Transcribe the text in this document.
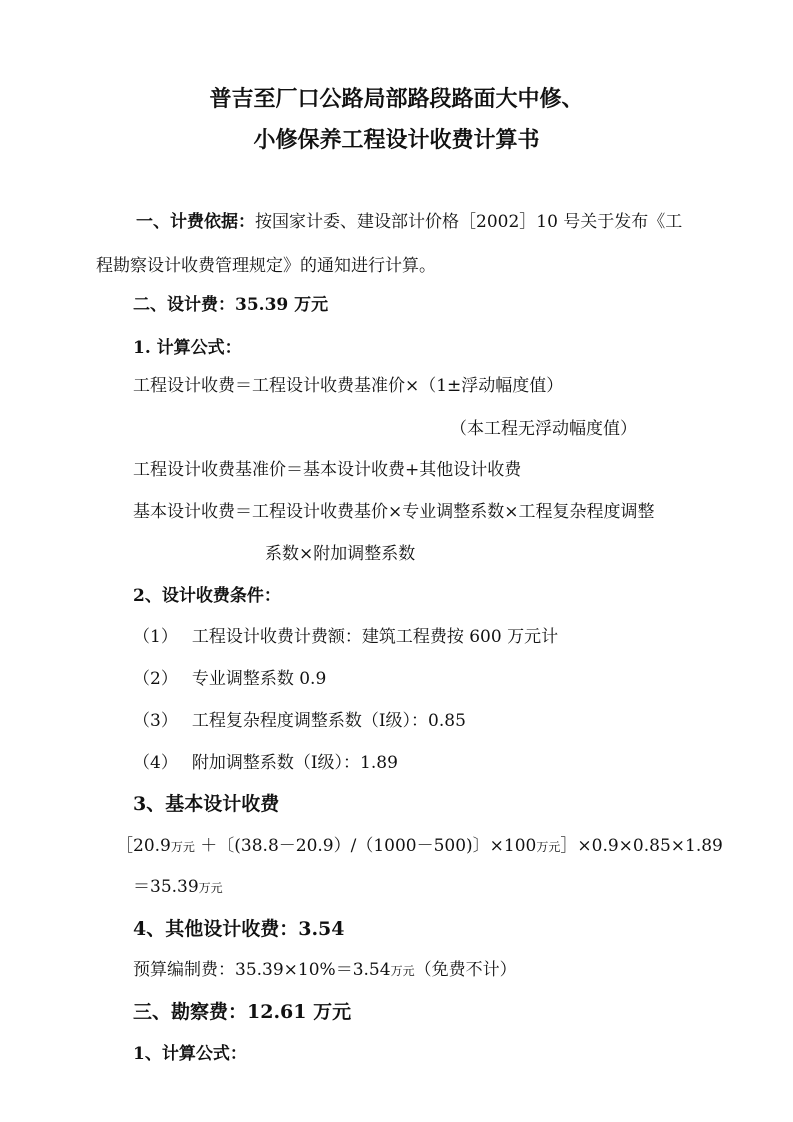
普吉至厂口公路局部路段路面大中修、
小修保养工程设计收费计算书
一、计费依据：按国家计委、建设部计价格［2002］10 号关于发布《工
程勘察设计收费管理规定》的通知进行计算。
二、设计费：35.39 万元
1. 计算公式：
工程设计收费＝工程设计收费基准价×（1±浮动幅度值）
（本工程无浮动幅度值）
工程设计收费基准价＝基本设计收费+其他设计收费
基本设计收费＝工程设计收费基价×专业调整系数×工程复杂程度调整
系数×附加调整系数
2、设计收费条件：
（1） 工程设计收费计费额：建筑工程费按 600 万元计
（2） 专业调整系数 0.9
（3） 工程复杂程度调整系数（Ⅰ级）：0.85
（4） 附加调整系数（Ⅰ级）：1.89
3、基本设计收费
［20.9万元 ＋〔(38.8－20.9）/（1000－500)〕×100万元］×0.9×0.85×1.89
＝35.39万元
4、其他设计收费：3.54
预算编制费：35.39×10%＝3.54万元（免费不计）
三、勘察费：12.61 万元
1、计算公式：
